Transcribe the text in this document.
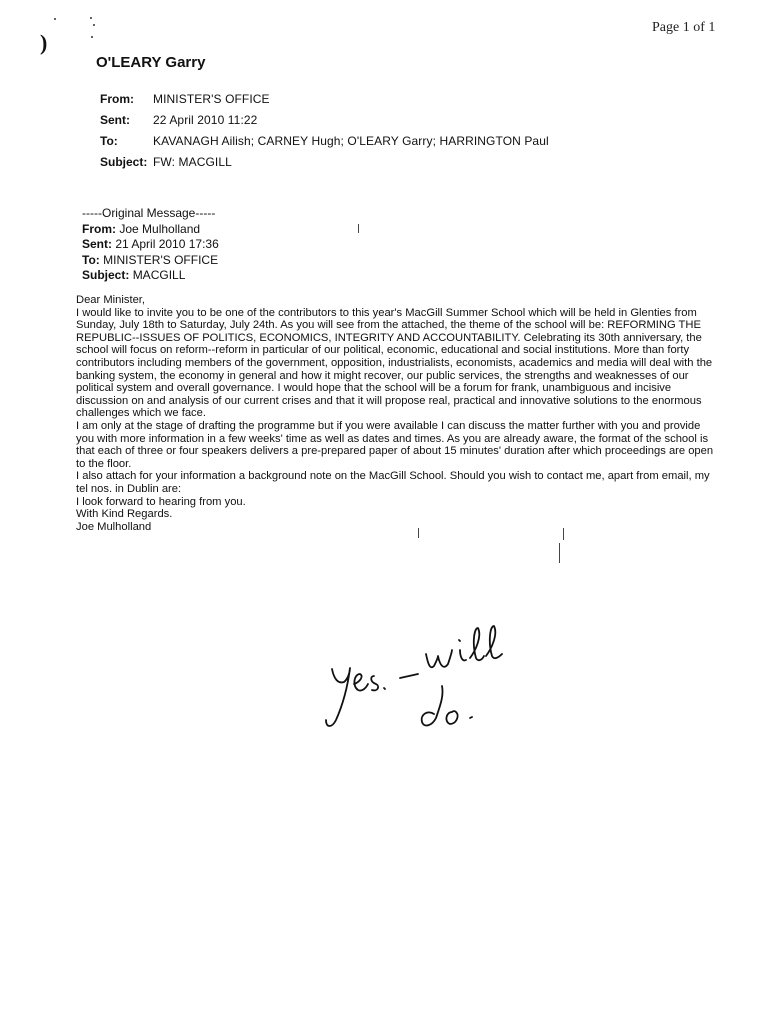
Page 1 of 1
)
O'LEARY Garry
From:	MINISTER'S OFFICE
Sent:	22 April 2010 11:22
To:	KAVANAGH Ailish; CARNEY Hugh; O'LEARY Garry; HARRINGTON Paul
Subject: FW: MACGILL
-----Original Message-----
From: Joe Mulholland
Sent: 21 April 2010 17:36
To: MINISTER'S OFFICE
Subject: MACGILL

Dear Minister,

I would like to invite you to be one of the contributors to this year's MacGill Summer School which will be held in Glenties from Sunday, July 18th to Saturday, July 24th. As you will see from the attached, the theme of the school will be: REFORMING THE REPUBLIC--ISSUES OF POLITICS, ECONOMICS, INTEGRITY AND ACCOUNTABILITY. Celebrating its 30th anniversary, the school will focus on reform--reform in particular of our political, economic, educational and social institutions. More than forty contributors including members of the government, opposition, industrialists, economists, academics and media will deal with the banking system, the economy in general and how it might recover, our public services, the strengths and weaknesses of our political system and overall governance. I would hope that the school will be a forum for frank, unambiguous and incisive discussion on and analysis of our current crises and that it will propose real, practical and innovative solutions to the enormous challenges which we face.

I am only at the stage of drafting the programme but if you were available I can discuss the matter further with you and provide you with more information in a few weeks' time as well as dates and times. As you are already aware, the format of the school is that each of three or four speakers delivers a pre-prepared paper of about 15 minutes' duration after which proceedings are open to the floor.

I also attach for your information a background note on the MacGill School. Should you wish to contact me, apart from email, my tel nos. in Dublin are:

I look forward to hearing from you.

With Kind Regards.

Joe Mulholland
